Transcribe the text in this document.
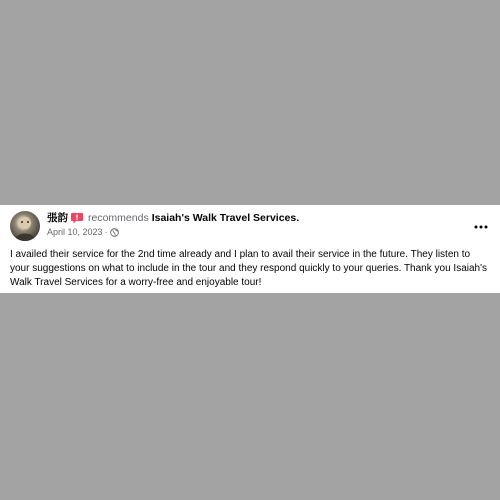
張韵 recommends Isaiah's Walk Travel Services.
April 10, 2023 ·
I availed their service for the 2nd time already and I plan to avail their service in the future. They listen to your suggestions on what to include in the tour and they respond quickly to your queries. Thank you Isaiah's Walk Travel Services for a worry-free and enjoyable tour!
